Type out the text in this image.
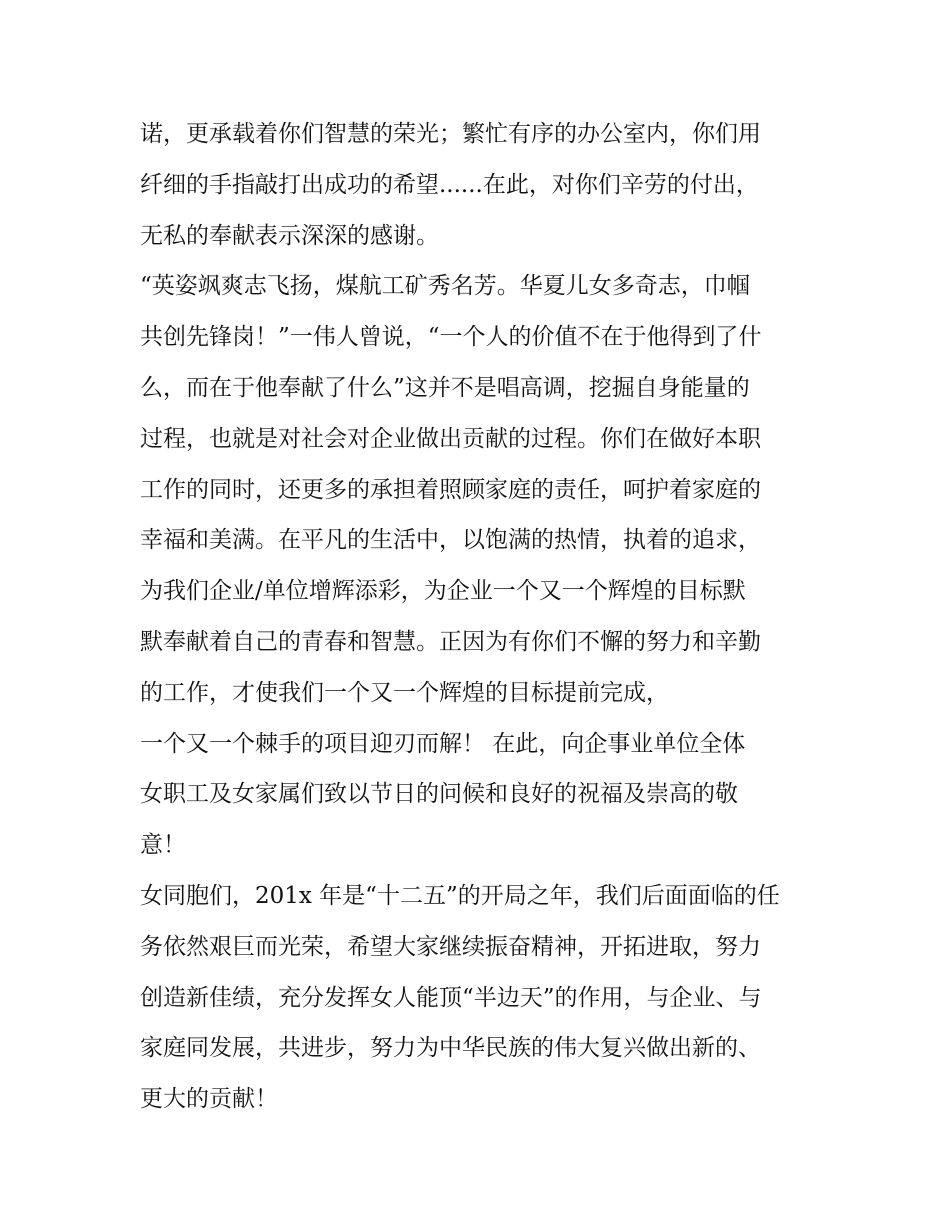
诺，更承载着你们智慧的荣光；繁忙有序的办公室内，你们用
纤细的手指敲打出成功的希望......在此，对你们辛劳的付出，
无私的奉献表示深深的感谢。
“英姿飒爽志飞扬，煤航工矿秀名芳。华夏儿女多奇志，巾帼
共创先锋岗！”一伟人曾说，“一个人的价值不在于他得到了什
么，而在于他奉献了什么”这并不是唱高调，挖掘自身能量的
过程，也就是对社会对企业做出贡献的过程。你们在做好本职
工作的同时，还更多的承担着照顾家庭的责任，呵护着家庭的
幸福和美满。在平凡的生活中，以饱满的热情，执着的追求，
为我们企业/单位增辉添彩，为企业一个又一个辉煌的目标默
默奉献着自己的青春和智慧。正因为有你们不懈的努力和辛勤
的工作，才使我们一个又一个辉煌的目标提前完成，
一个又一个棘手的项目迎刃而解！ 在此，向企事业单位全体
女职工及女家属们致以节日的问候和良好的祝福及崇高的敬
意！
女同胞们，201x 年是“十二五”的开局之年，我们后面面临的任
务依然艰巨而光荣，希望大家继续振奋精神，开拓进取，努力
创造新佳绩，充分发挥女人能顶“半边天”的作用，与企业、与
家庭同发展，共进步，努力为中华民族的伟大复兴做出新的、
更大的贡献！
